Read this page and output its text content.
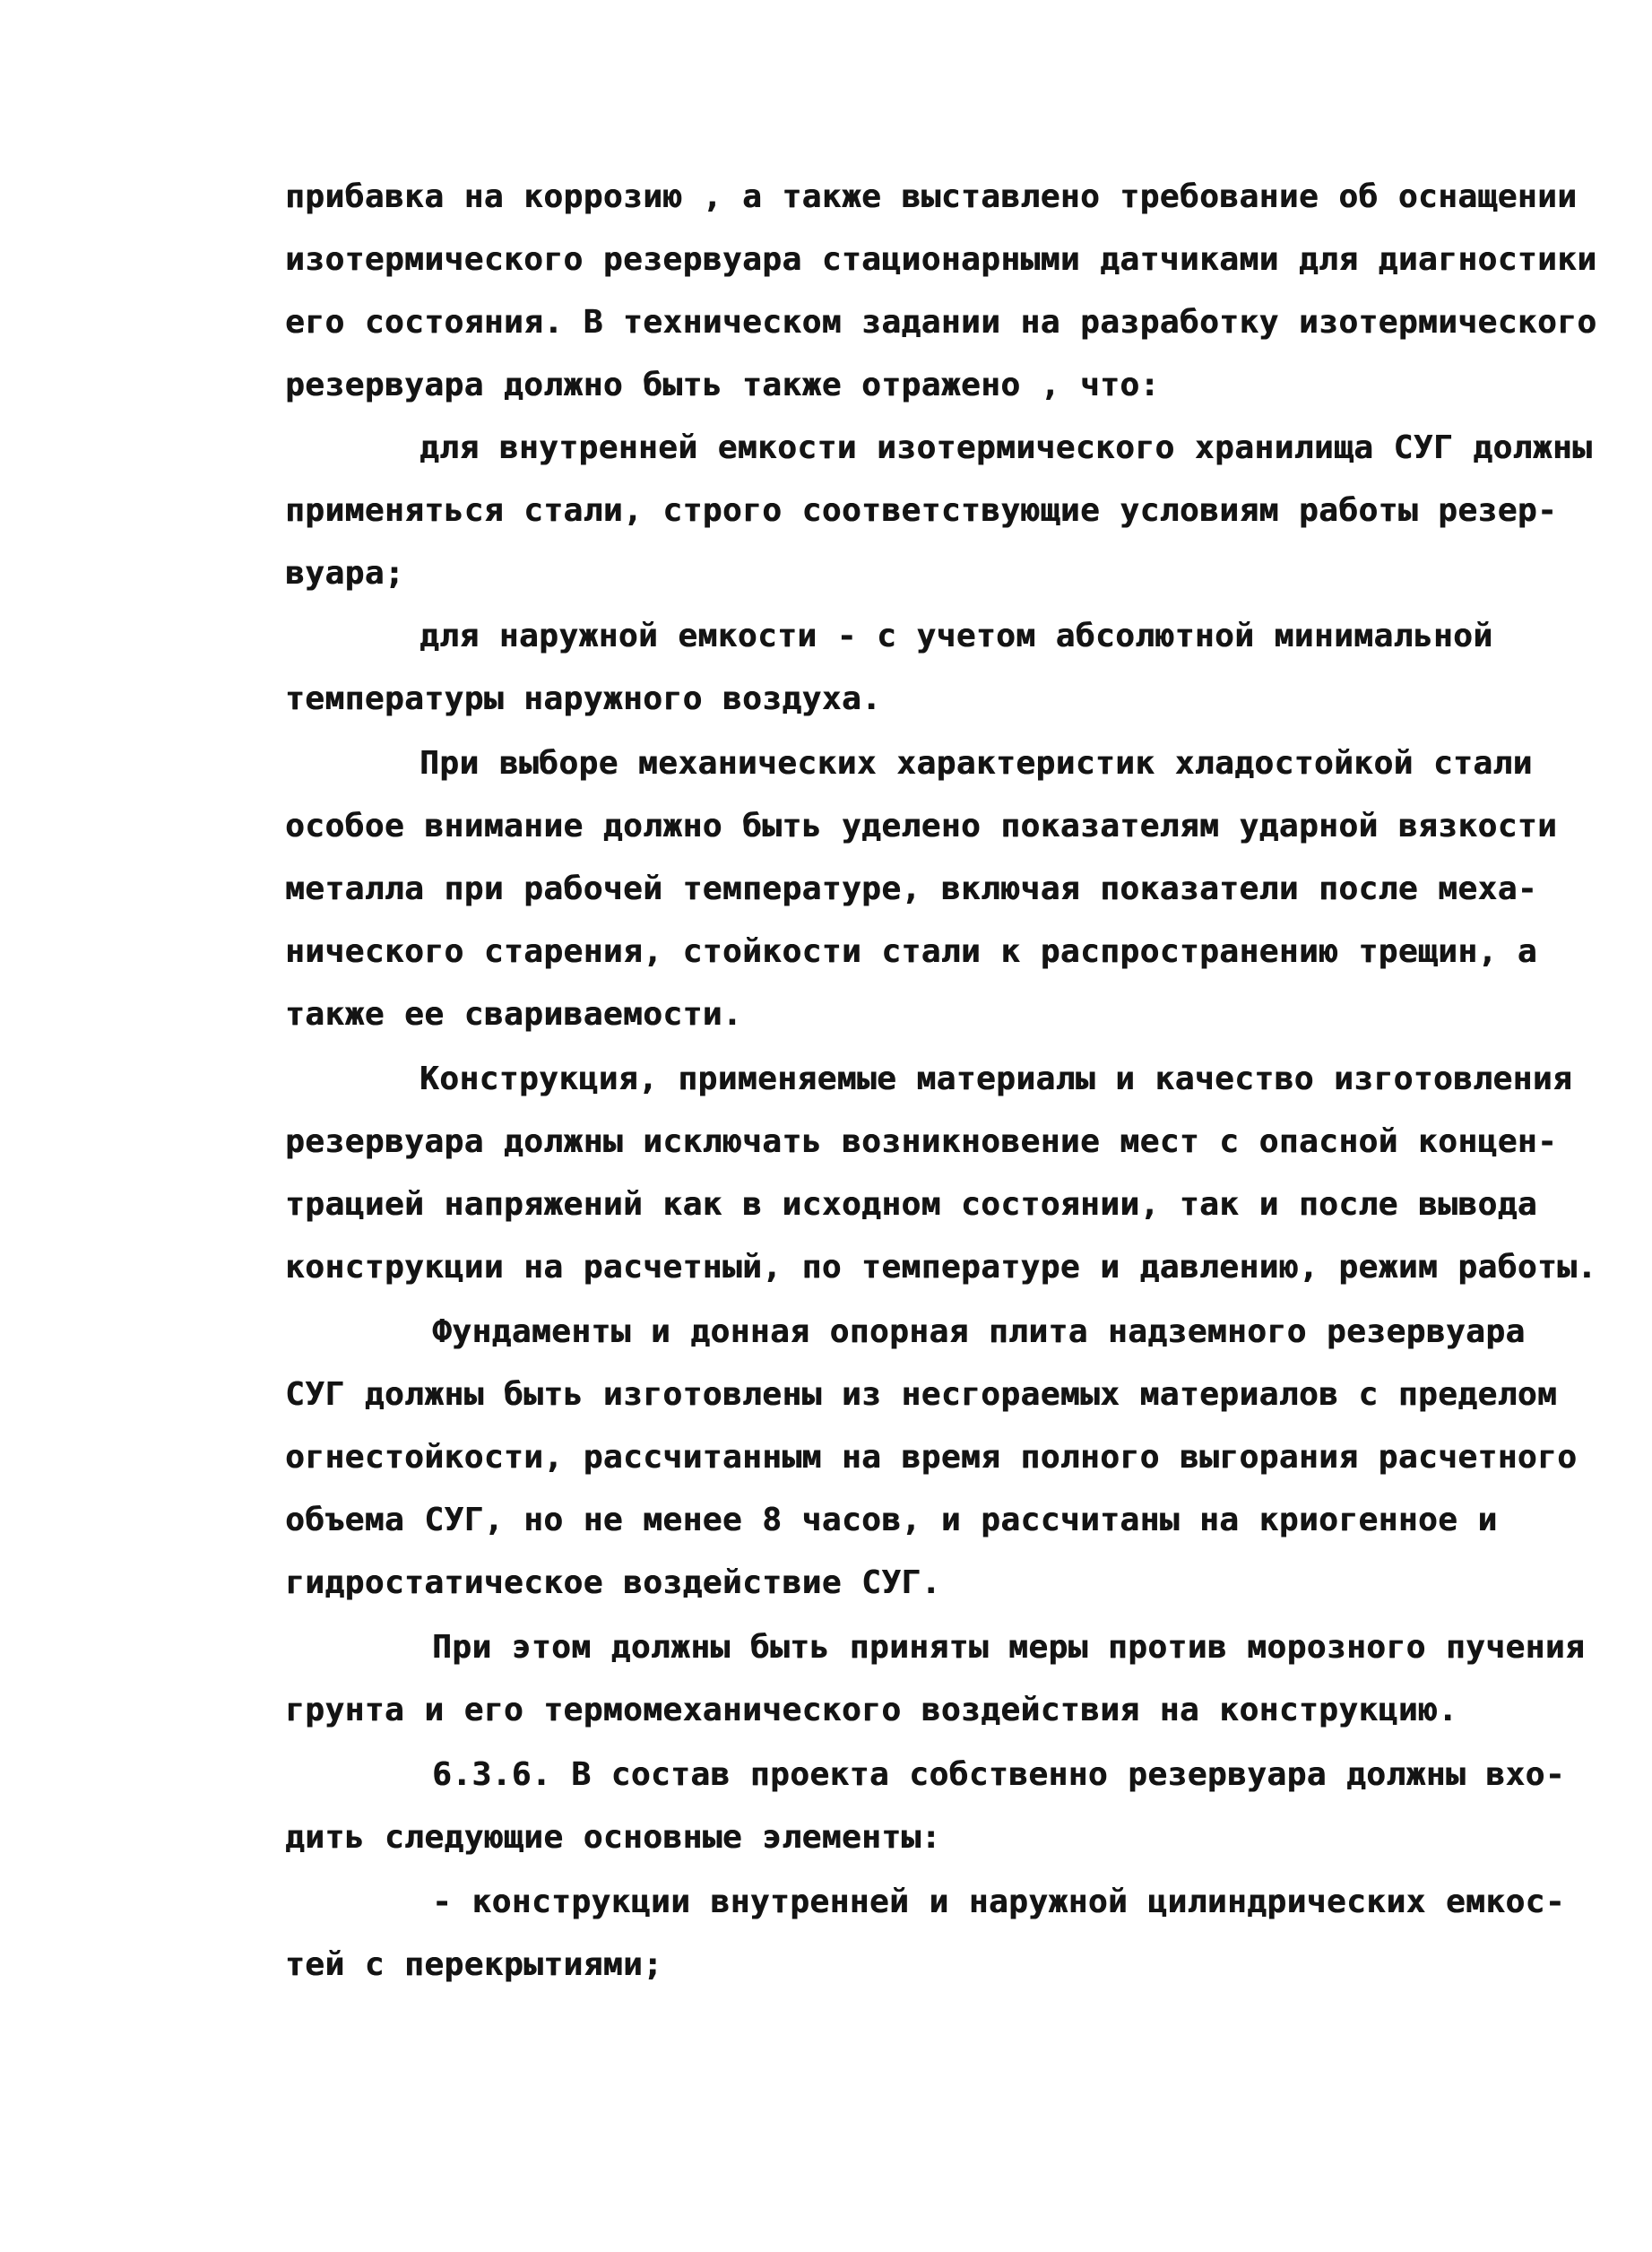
прибавка на коррозию , а также выставлено требование об оснащении
изотермического резервуара стационарными датчиками для диагностики
его состояния. В техническом задании на разработку изотермического
резервуара должно быть также отражено , что:
для внутренней емкости изотермического хранилища СУГ должны
применяться стали, строго соответствующие условиям работы резер-
вуара;
для наружной емкости - с учетом абсолютной минимальной
температуры наружного воздуха.
При выборе механических характеристик хладостойкой стали
особое внимание должно быть уделено показателям ударной вязкости
металла при рабочей температуре, включая показатели после меха-
нического старения, стойкости стали к распространению трещин, а
также ее свариваемости.
Конструкция, применяемые материалы и качество изготовления
резервуара должны исключать возникновение мест с опасной концен-
трацией напряжений как в исходном состоянии, так и после вывода
конструкции на расчетный, по температуре и давлению, режим работы.
Фундаменты и донная опорная плита надземного резервуара
СУГ должны быть изготовлены из несгораемых материалов с пределом
огнестойкости, рассчитанным на время полного выгорания расчетного
объема СУГ, но не менее 8 часов, и рассчитаны на криогенное и
гидростатическое воздействие СУГ.
При этом должны быть приняты меры против морозного пучения
грунта и его термомеханического воздействия на конструкцию.
6.3.6. В состав проекта собственно резервуара должны вхо-
дить следующие основные элементы:
- конструкции внутренней и наружной цилиндрических емкос-
тей с перекрытиями;
